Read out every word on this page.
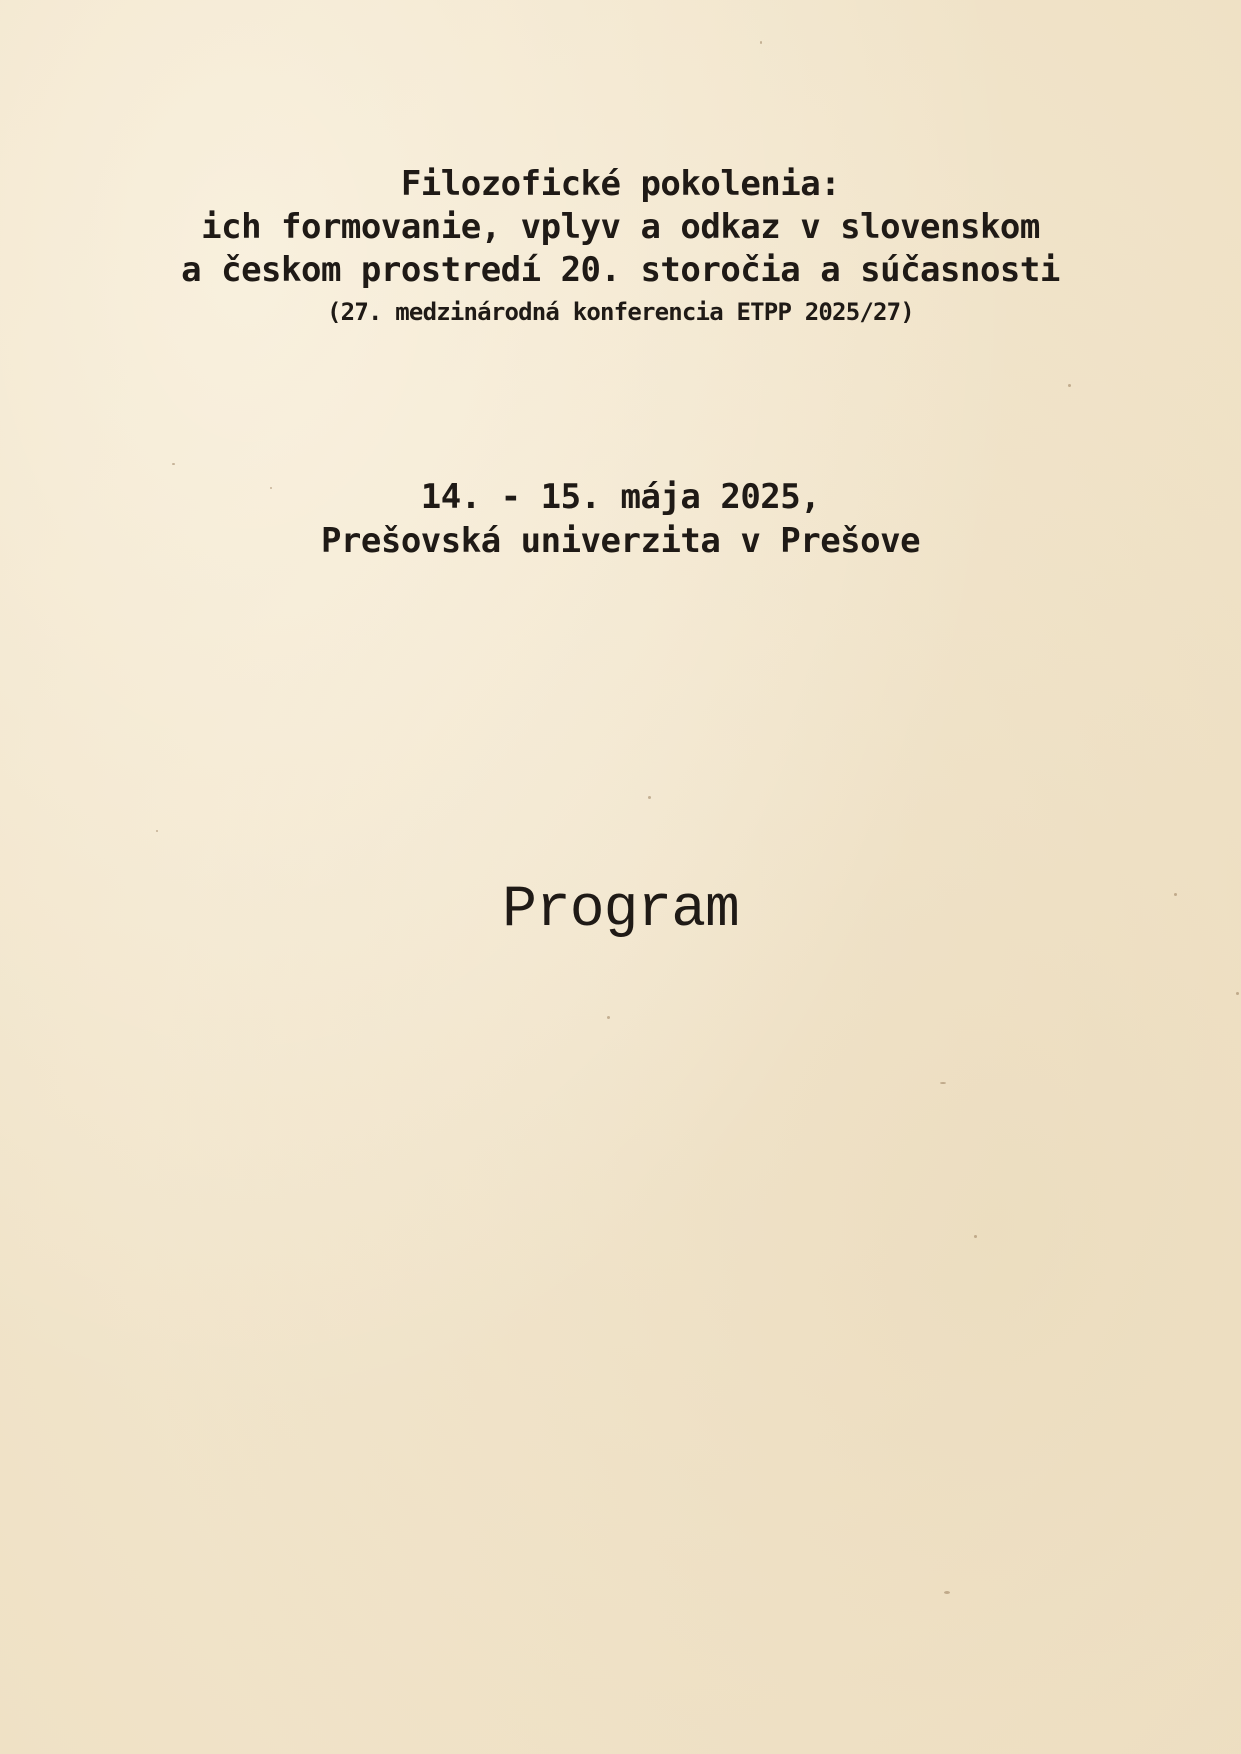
Filozofické pokolenia:
ich formovanie, vplyv a odkaz v slovenskom
a českom prostredí 20. storočia a súčasnosti
(27. medzinárodná konferencia ETPP 2025/27)
14. - 15. mája 2025,
Prešovská univerzita v Prešove
Program
